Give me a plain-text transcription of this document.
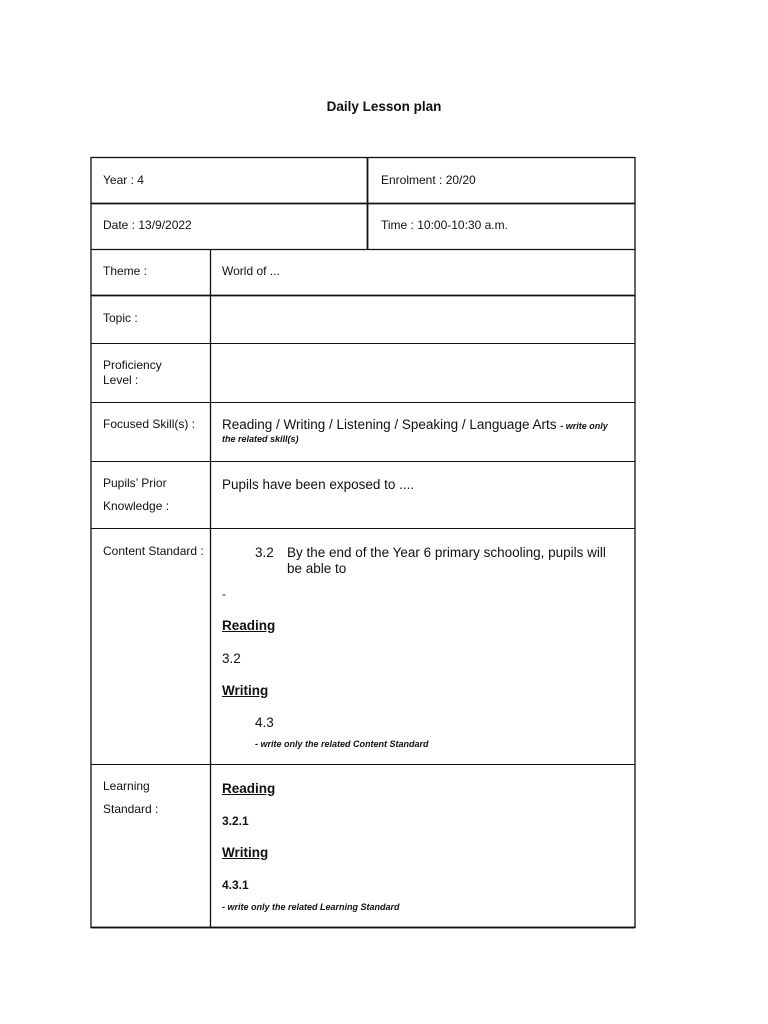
Daily Lesson plan
Year : 4	Enrolment : 20/20
Date : 13/9/2022	Time : 10:00-10:30 a.m.
Theme :	World of ...
Topic :
Proficiency
Level :
Focused Skill(s) : Reading / Writing / Listening / Speaking / Language Arts - write only
the related skill(s)
Pupils’ Prior
Knowledge :
Pupils have been exposed to ....
Content Standard :	3.2 By the end of the Year 6 primary schooling, pupils will
be able to
-
Reading
3.2
Writing
4.3
- write only the related Content Standard
Learning
Standard :
Reading
3.2.1
Writing
4.3.1
- write only the related Learning Standard
